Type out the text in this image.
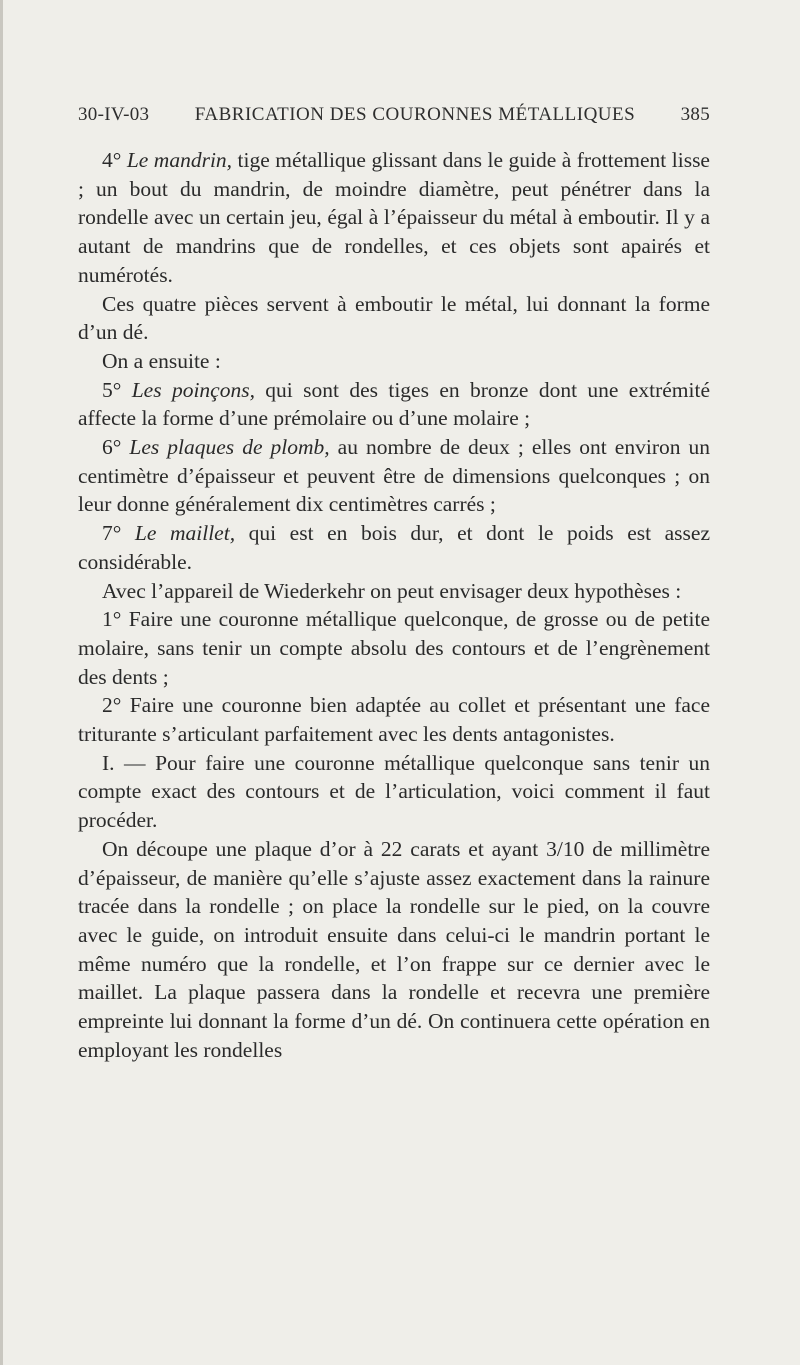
30-IV-03 FABRICATION DES COURONNES MÉTALLIQUES 385

4° Le mandrin, tige métallique glissant dans le guide à frottement lisse ; un bout du mandrin, de moindre diamètre, peut pénétrer dans la rondelle avec un certain jeu, égal à l’épaisseur du métal à emboutir. Il y a autant de mandrins que de rondelles, et ces objets sont apairés et numérotés.

Ces quatre pièces servent à emboutir le métal, lui donnant la forme d’un dé.

On a ensuite :

5° Les poinçons, qui sont des tiges en bronze dont une extrémité affecte la forme d’une prémolaire ou d’une molaire ;

6° Les plaques de plomb, au nombre de deux ; elles ont environ un centimètre d’épaisseur et peuvent être de dimensions quelconques ; on leur donne généralement dix centimètres carrés ;

7° Le maillet, qui est en bois dur, et dont le poids est assez considérable.

Avec l’appareil de Wiederkehr on peut envisager deux hypothèses :

1° Faire une couronne métallique quelconque, de grosse ou de petite molaire, sans tenir un compte absolu des contours et de l’engrènement des dents ;

2° Faire une couronne bien adaptée au collet et présentant une face triturante s’articulant parfaitement avec les dents antagonistes.

I. — Pour faire une couronne métallique quelconque sans tenir un compte exact des contours et de l’articulation, voici comment il faut procéder.

On découpe une plaque d’or à 22 carats et ayant 3/10 de millimètre d’épaisseur, de manière qu’elle s’ajuste assez exactement dans la rainure tracée dans la rondelle ; on place la rondelle sur le pied, on la couvre avec le guide, on introduit ensuite dans celui-ci le mandrin portant le même numéro que la rondelle, et l’on frappe sur ce dernier avec le maillet. La plaque passera dans la rondelle et recevra une première empreinte lui donnant la forme d’un dé. On continuera cette opération en employant les rondelles
